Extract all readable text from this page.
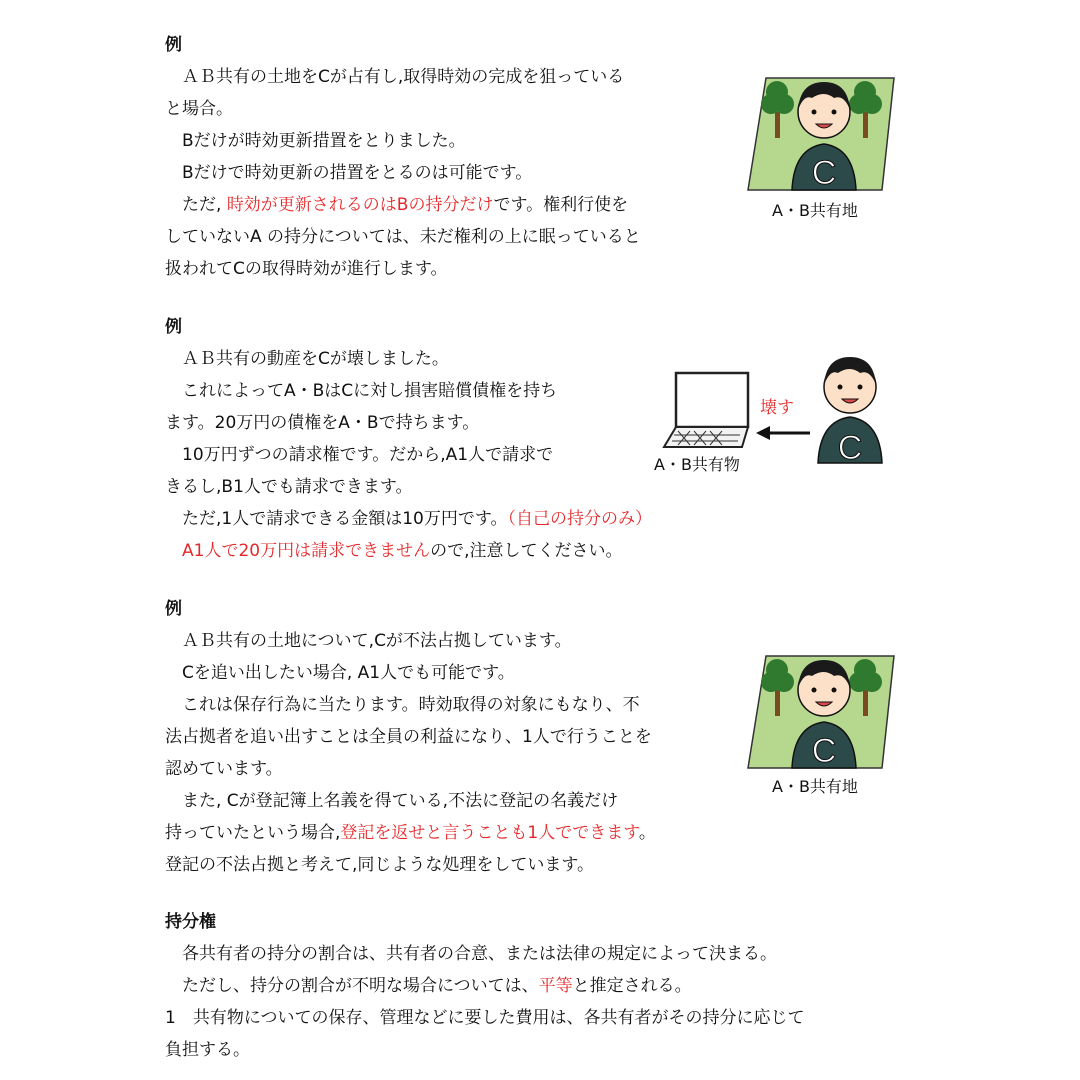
例
　ＡＢ共有の土地をCが占有し,取得時効の完成を狙っている
と場合。
　Bだけが時効更新措置をとりました。
　Bだけで時効更新の措置をとるのは可能です。
　ただ, 時効が更新されるのはBの持分だけです。権利行使を
していないA の持分については、未だ権利の上に眠っていると
扱われてCの取得時効が進行します。
C
A・B共有地
例
　ＡＢ共有の動産をCが壊しました。
　これによってA・BはCに対し損害賠償債権を持ち
ます。20万円の債権をA・Bで持ちます。
　10万円ずつの請求権です。だから,A1人で請求で
きるし,B1人でも請求できます。
　ただ,1人で請求できる金額は10万円です。（自己の持分のみ）
　A1人で20万円は請求できませんので,注意してください。
壊す
C
A・B共有物
例
　ＡＢ共有の土地について,Cが不法占拠しています。
　Cを追い出したい場合, A1人でも可能です。
　これは保存行為に当たります。時効取得の対象にもなり、不
法占拠者を追い出すことは全員の利益になり、1人で行うことを
認めています。
　また, Cが登記簿上名義を得ている,不法に登記の名義だけ
持っていたという場合,登記を返せと言うことも1人でできます。
登記の不法占拠と考えて,同じような処理をしています。
C
A・B共有地
持分権
　各共有者の持分の割合は、共有者の合意、または法律の規定によって決まる。
　ただし、持分の割合が不明な場合については、平等と推定される。
1　共有物についての保存、管理などに要した費用は、各共有者がその持分に応じて
負担する。
